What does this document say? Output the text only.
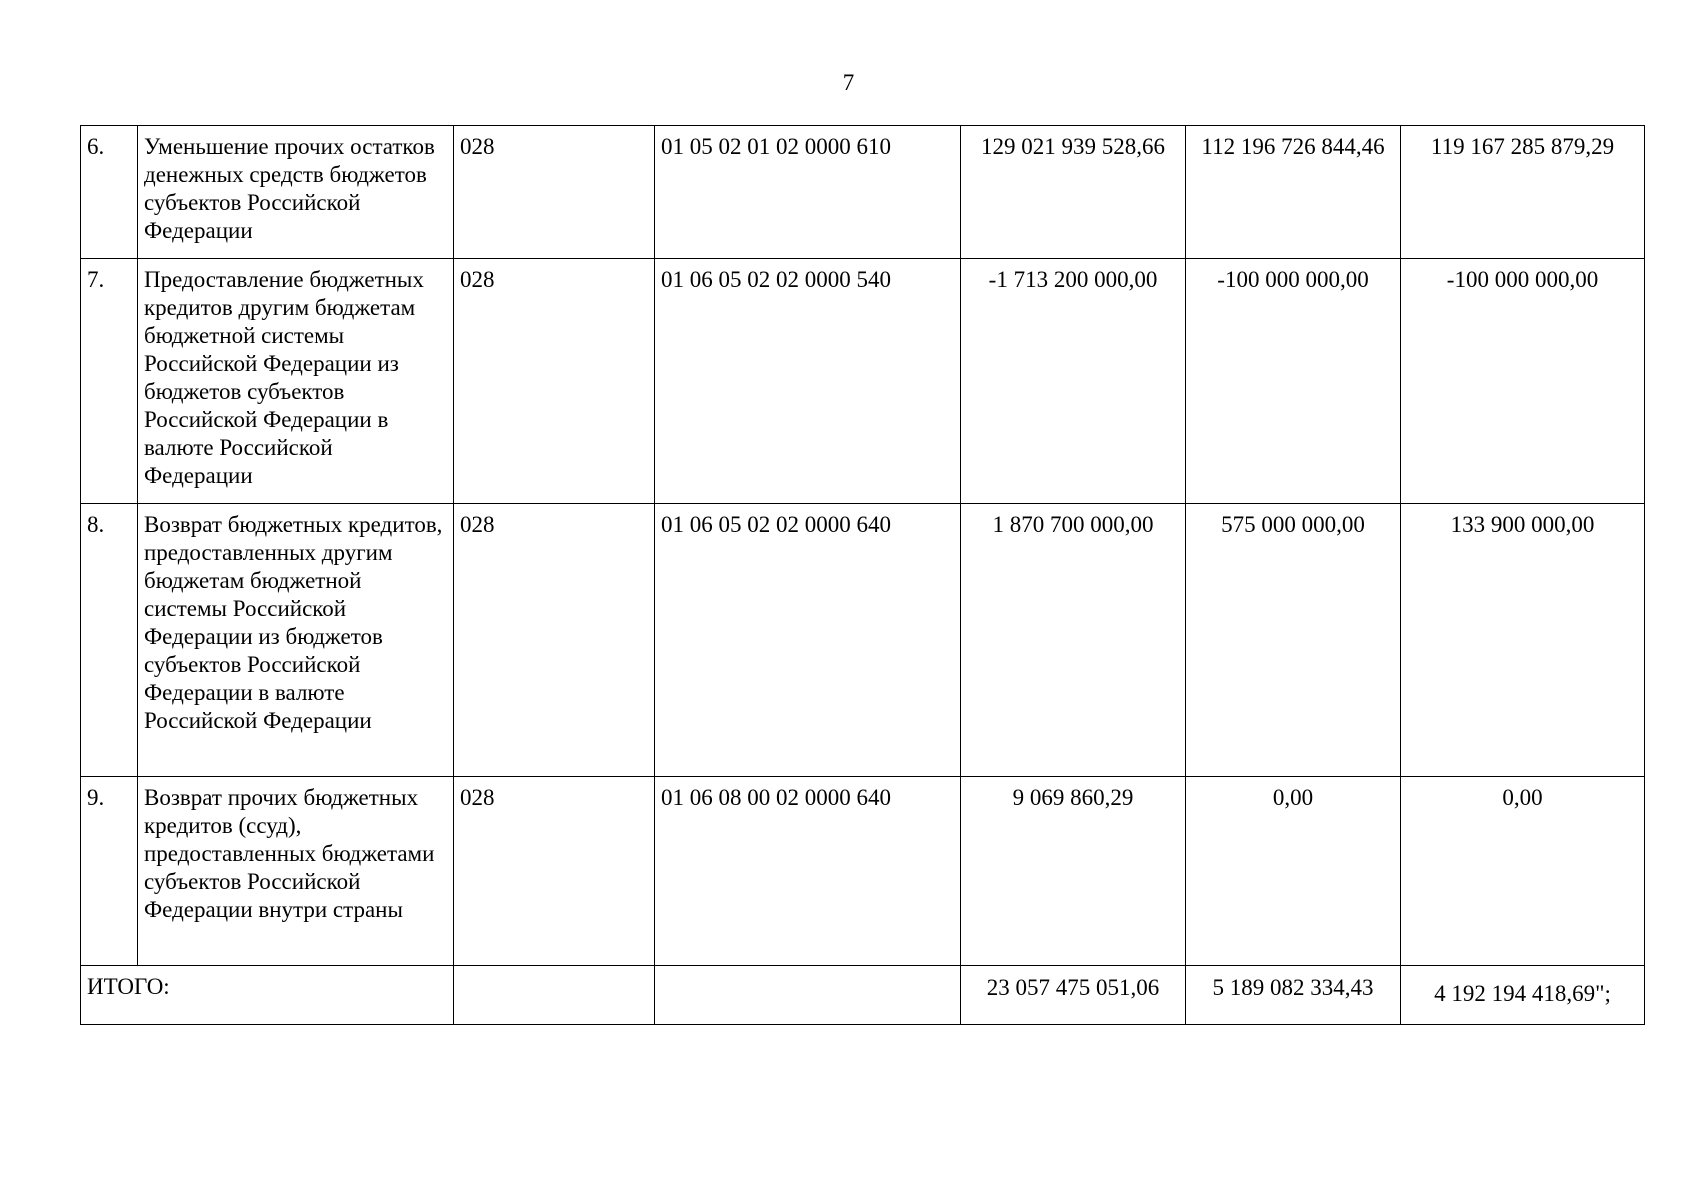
7
6.	Уменьшение прочих остатков денежных средств бюджетов субъектов Российской Федерации	028	01 05 02 01 02 0000 610	129 021 939 528,66	112 196 726 844,46	119 167 285 879,29
7.	Предоставление бюджетных кредитов другим бюджетам бюджетной системы Российской Федерации из бюджетов субъектов Российской Федерации в валюте Российской Федерации	028	01 06 05 02 02 0000 540	-1 713 200 000,00	-100 000 000,00	-100 000 000,00
8.	Возврат бюджетных кредитов, предоставленных другим бюджетам бюджетной системы Российской Федерации из бюджетов субъектов Российской Федерации в валюте Российской Федерации	028	01 06 05 02 02 0000 640	1 870 700 000,00	575 000 000,00	133 900 000,00
9.	Возврат прочих бюджетных кредитов (ссуд), предоставленных бюджетами субъектов Российской Федерации внутри страны	028	01 06 08 00 02 0000 640	9 069 860,29	0,00	0,00
ИТОГО:				23 057 475 051,06	5 189 082 334,43	4 192 194 418,69";
